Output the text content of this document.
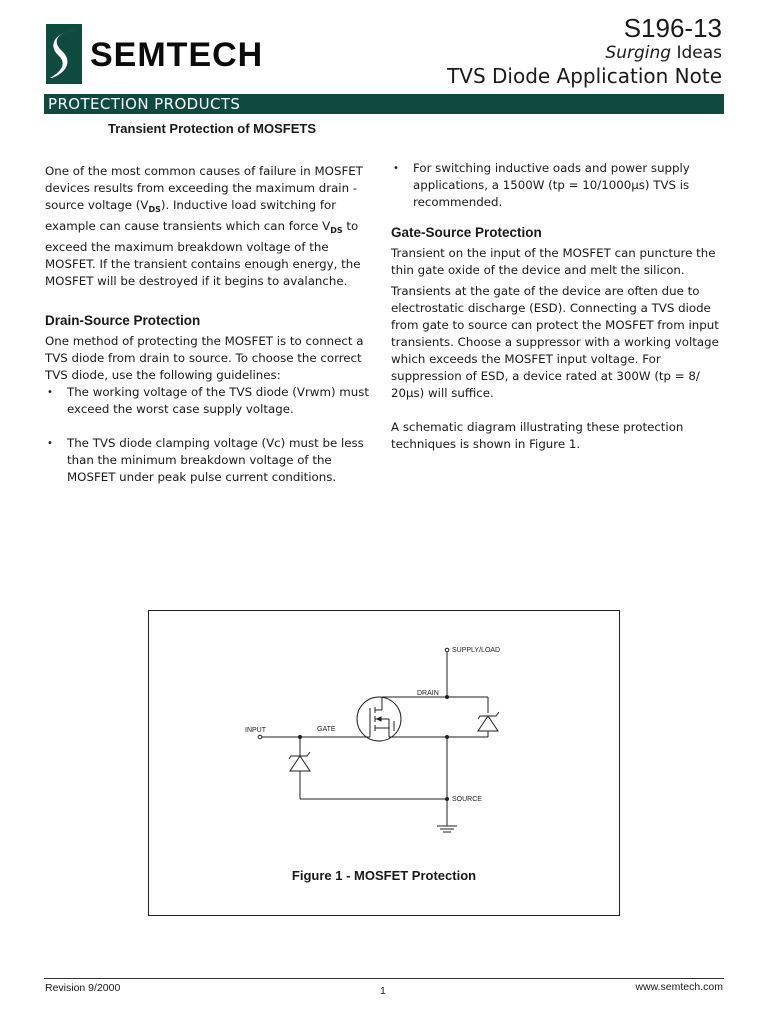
SEMTECH
S196-13
Surging Ideas
TVS Diode Application Note
PROTECTION PRODUCTS
Transient Protection of MOSFETS

One of the most common causes of failure in MOSFET devices results from exceeding the maximum drain - source voltage $(V_{DS})$. Inductive load switching for example can cause transients which can force $V_{DS}$ to exceed the maximum breakdown voltage of the MOSFET. If the transient contains enough energy, the MOSFET will be destroyed if it begins to avalanche.

Drain-Source Protection

One method of protecting the MOSFET is to connect a TVS diode from drain to source. To choose the correct TVS diode, use the following guidelines:

• The working voltage of the TVS diode (Vrwm) must exceed the worst case supply voltage.

• The TVS diode clamping voltage (Vc) must be less than the minimum breakdown voltage of the MOSFET under peak pulse current conditions.

• For switching inductive oads and power supply applications, a 1500W (tp = 10/1000µs) TVS is recommended.

Gate-Source Protection

Transient on the input of the MOSFET can puncture the thin gate oxide of the device and melt the silicon.

Transients at the gate of the device are often due to electrostatic discharge (ESD). Connecting a TVS diode from gate to source can protect the MOSFET from input transients. Choose a suppressor with a working voltage which exceeds the MOSFET input voltage. For suppression of ESD, a device rated at 300W (tp = 8/ 20µs) will suffice.

A schematic diagram illustrating these protection techniques is shown in Figure 1.

SUPPLY/LOAD
DRAIN
INPUT	GATE
SOURCE
Figure 1 - MOSFET Protection
Revision 9/2000	1	www.semtech.com
